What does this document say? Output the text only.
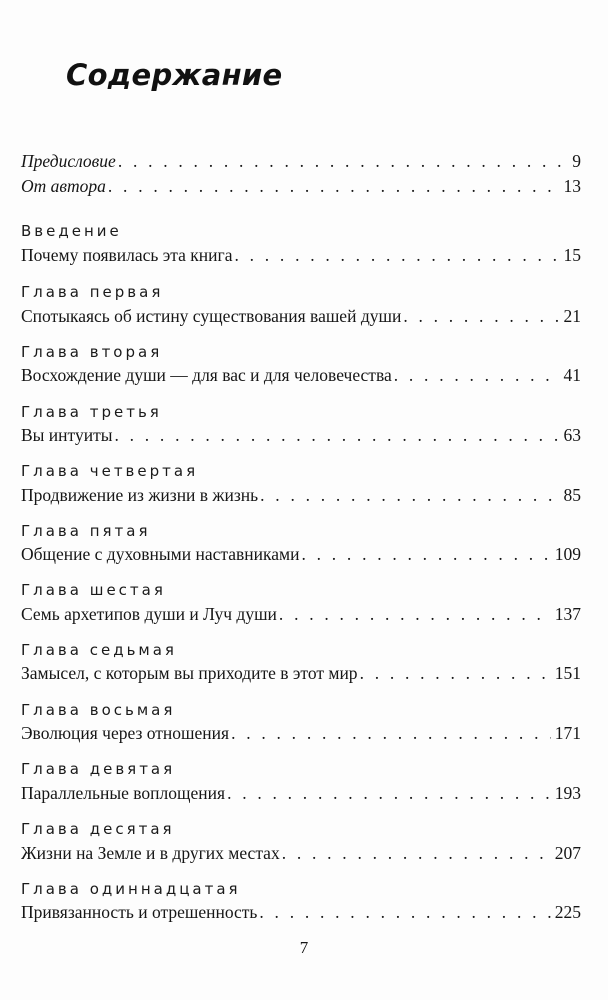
Содержание
Предисловие . . .	9
От автора . . .	13
Введение
Почему появилась эта книга . . .	15
Глава первая
Спотыкаясь об истину существования вашей души . . .	21
Глава вторая
Восхождение души — для вас и для человечества . . .	41
Глава третья
Вы интуиты . . .	63
Глава четвертая
Продвижение из жизни в жизнь . . .	85
Глава пятая
Общение с духовными наставниками . . .	109
Глава шестая
Семь архетипов души и Луч души . . .	137
Глава седьмая
Замысел, с которым вы приходите в этот мир . . .	151
Глава восьмая
Эволюция через отношения . . .	171
Глава девятая
Параллельные воплощения . . .	193
Глава десятая
Жизни на Земле и в других местах . . .	207
Глава одиннадцатая
Привязанность и отрешенность . . .	225
7
